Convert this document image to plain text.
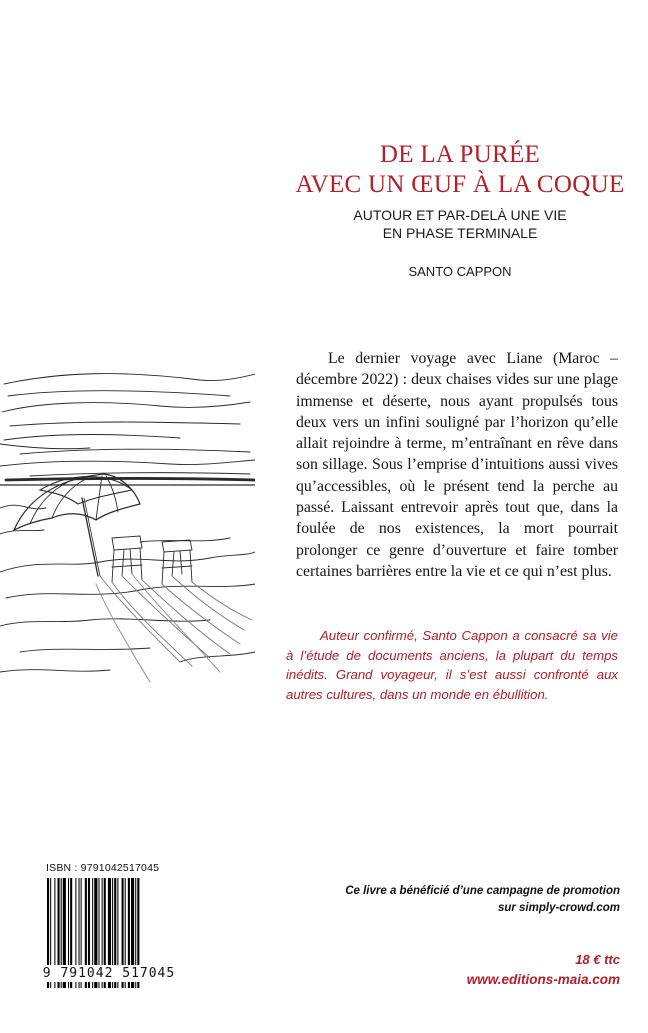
DE LA PURÉE
AVEC UN ŒUF À LA COQUE
AUTOUR ET PAR-DELÀ UNE VIE
EN PHASE TERMINALE
SANTO CAPPON

Le dernier voyage avec Liane (Maroc – décembre 2022) : deux chaises vides sur une plage immense et déserte, nous ayant propulsés tous deux vers un infini souligné par l’horizon qu’elle allait rejoindre à terme, m’entraînant en rêve dans son sillage. Sous l’emprise d’intuitions aussi vives qu’accessibles, où le présent tend la perche au passé. Laissant entrevoir après tout que, dans la foulée de nos existences, la mort pourrait prolonger ce genre d’ouverture et faire tomber certaines barrières entre la vie et ce qui n’est plus.

Auteur confirmé, Santo Cappon a consacré sa vie à l’étude de documents anciens, la plupart du temps inédits. Grand voyageur, il s’est aussi confronté aux autres cultures, dans un monde en ébullition.

ISBN : 9791042517045
9 791042 517045
Ce livre a bénéficié d’une campagne de promotion
sur simply-crowd.com
18 € ttc
www.editions-maia.com
